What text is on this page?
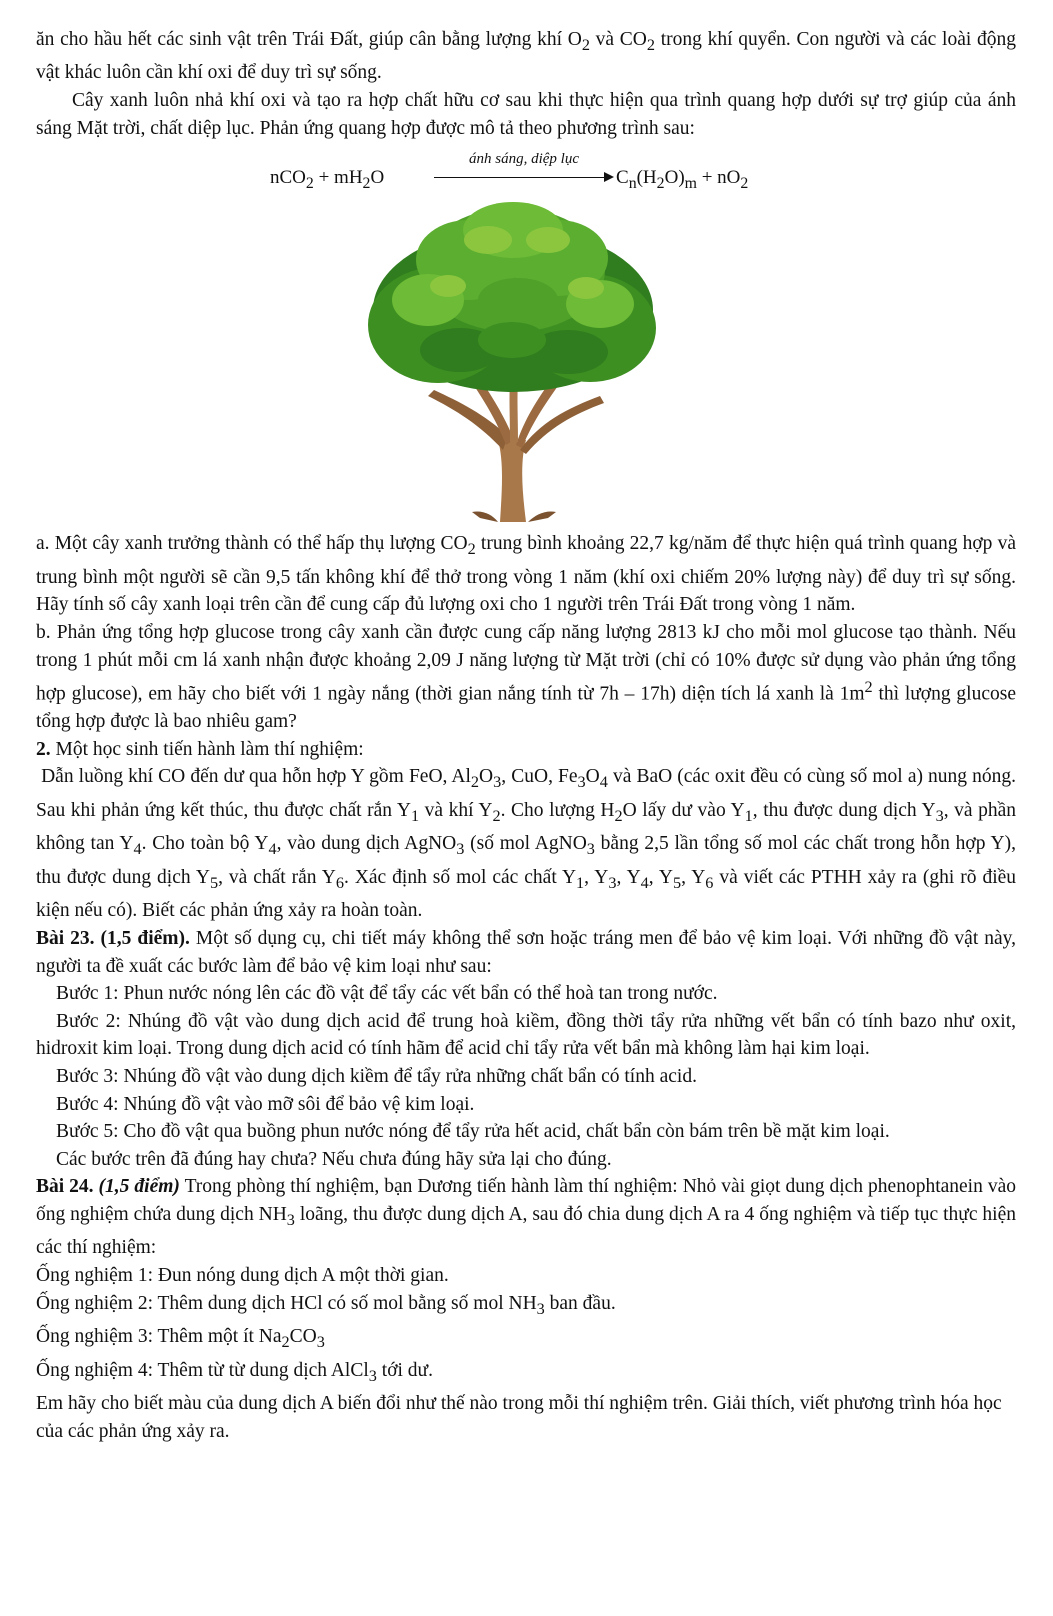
ăn cho hầu hết các sinh vật trên Trái Đất, giúp cân bằng lượng khí $O_2$ và $CO_2$ trong khí quyển. Con người và các loài động vật khác luôn cần khí oxi để duy trì sự sống.

Cây xanh luôn nhả khí oxi và tạo ra hợp chất hữu cơ sau khi thực hiện qua trình quang hợp dưới sự trợ giúp của ánh sáng Mặt trời, chất diệp lục. Phản ứng quang hợp được mô tả theo phương trình sau:

$nCO_2 + mH_2O$
ánh sáng, diệp lục
$C_n(H_2O)_m + nO_2$

a. Một cây xanh trưởng thành có thể hấp thụ lượng $CO_2$ trung bình khoảng 22,7 kg/năm để thực hiện quá trình quang hợp và trung bình một người sẽ cần 9,5 tấn không khí để thở trong vòng 1 năm (khí oxi chiếm 20% lượng này) để duy trì sự sống. Hãy tính số cây xanh loại trên cần để cung cấp đủ lượng oxi cho 1 người trên Trái Đất trong vòng 1 năm.

b. Phản ứng tổng hợp glucose trong cây xanh cần được cung cấp năng lượng 2813 kJ cho mỗi mol glucose tạo thành. Nếu trong 1 phút mỗi cm lá xanh nhận được khoảng 2,09 J năng lượng từ Mặt trời (chỉ có 10% được sử dụng vào phản ứng tổng hợp glucose), em hãy cho biết với 1 ngày nắng (thời gian nắng tính từ 7h – 17h) diện tích lá xanh là $1m^2$ thì lượng glucose tổng hợp được là bao nhiêu gam?

2. Một học sinh tiến hành làm thí nghiệm:

Dẫn luồng khí CO đến dư qua hỗn hợp Y gồm FeO, $Al_2O_3$, CuO, $Fe_3O_4$ và BaO (các oxit đều có cùng số mol a) nung nóng. Sau khi phản ứng kết thúc, thu được chất rắn $Y_1$ và khí $Y_2$. Cho lượng $H_2O$ lấy dư vào $Y_1$, thu được dung dịch $Y_3$, và phần không $\tan Y_4$. Cho toàn bộ $Y_4$, vào dung dịch AgNO$_3$ (số mol AgNO$_3$ bằng 2,5 lần tổng số mol các chất trong hỗn hợp Y), thu được dung dịch $Y_5$, và chất rắn $Y_6$. Xác định số mol các chất $Y_1$, $Y_3$, $Y_4$, $Y_5$, $Y_6$ và viết các PTHH xảy ra (ghi rõ điều kiện nếu có). Biết các phản ứng xảy ra hoàn toàn.

Bài 23. (1,5 điểm). Một số dụng cụ, chi tiết máy không thể sơn hoặc tráng men để bảo vệ kim loại. Với những đồ vật này, người ta đề xuất các bước làm để bảo vệ kim loại như sau:

Bước 1: Phun nước nóng lên các đồ vật để tẩy các vết bẩn có thể hoà tan trong nước.

Bước 2: Nhúng đồ vật vào dung dịch acid để trung hoà kiềm, đồng thời tẩy rửa những vết bẩn có tính bazo như oxit, hidroxit kim loại. Trong dung dịch acid có tính hãm để acid chỉ tẩy rửa vết bẩn mà không làm hại kim loại.

Bước 3: Nhúng đồ vật vào dung dịch kiềm để tẩy rửa những chất bẩn có tính acid.

Bước 4: Nhúng đồ vật vào mỡ sôi để bảo vệ kim loại.

Bước 5: Cho đồ vật qua buồng phun nước nóng để tẩy rửa hết acid, chất bẩn còn bám trên bề mặt kim loại.

Các bước trên đã đúng hay chưa? Nếu chưa đúng hãy sửa lại cho đúng.

Bài 24. (1,5 điểm) Trong phòng thí nghiệm, bạn Dương tiến hành làm thí nghiệm: Nhỏ vài giọt dung dịch phenophtanein vào ống nghiệm chứa dung dịch $NH_3$ loãng, thu được dung dịch A, sau đó chia dung dịch A ra 4 ống nghiệm và tiếp tục thực hiện các thí nghiệm:

Ống nghiệm 1: Đun nóng dung dịch A một thời gian.

Ống nghiệm 2: Thêm dung dịch HCl có số mol bằng số mol $NH_3$ ban đầu.

Ống nghiệm 3: Thêm một ít $Na_2CO_3$

Ống nghiệm 4: Thêm từ từ dung dịch AlCl$_3$ tới dư.

Em hãy cho biết màu của dung dịch A biến đổi như thế nào trong mỗi thí nghiệm trên. Giải thích, viết phương trình hóa học của các phản ứng xảy ra.
